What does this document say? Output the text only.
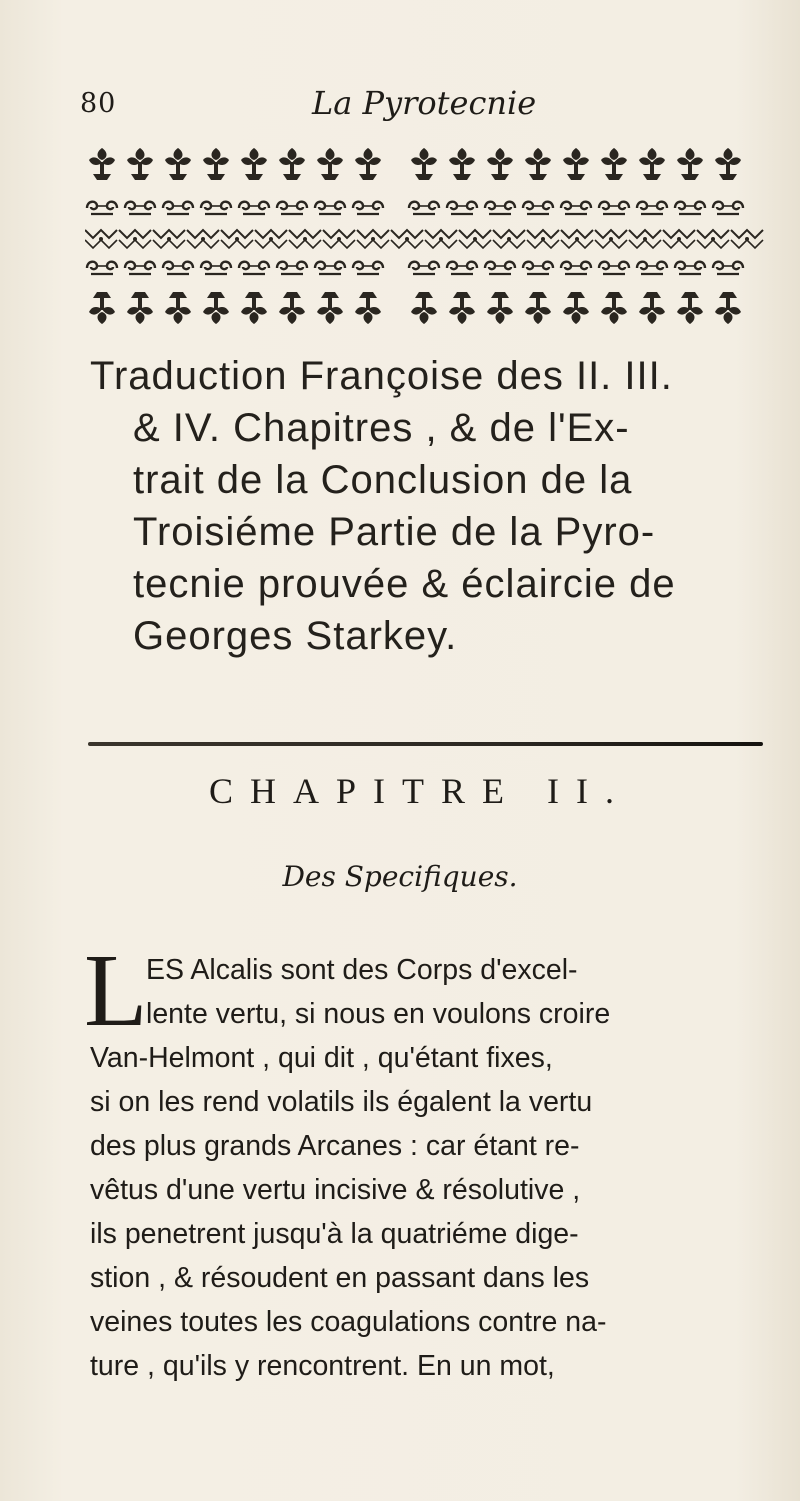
80	La Pyrotecnie
Traduction Françoise des II. III.
& IV. Chapitres , & de l'Ex-
trait de la Conclusion de la
Troisiéme Partie de la Pyro-
tecnie prouvée & éclaircie de
Georges Starkey.
CHAPITRE II.
Des Specifiques.
L
ES Alcalis sont des Corps d'excel-
lente vertu, si nous en voulons croire
Van-Helmont , qui dit , qu'étant fixes,
si on les rend volatils ils égalent la vertu
des plus grands Arcanes : car étant re-
vêtus d'une vertu incisive & résolutive ,
ils penetrent jusqu'à la quatriéme dige-
stion , & résoudent en passant dans les
veines toutes les coagulations contre na-
ture , qu'ils y rencontrent. En un mot,
